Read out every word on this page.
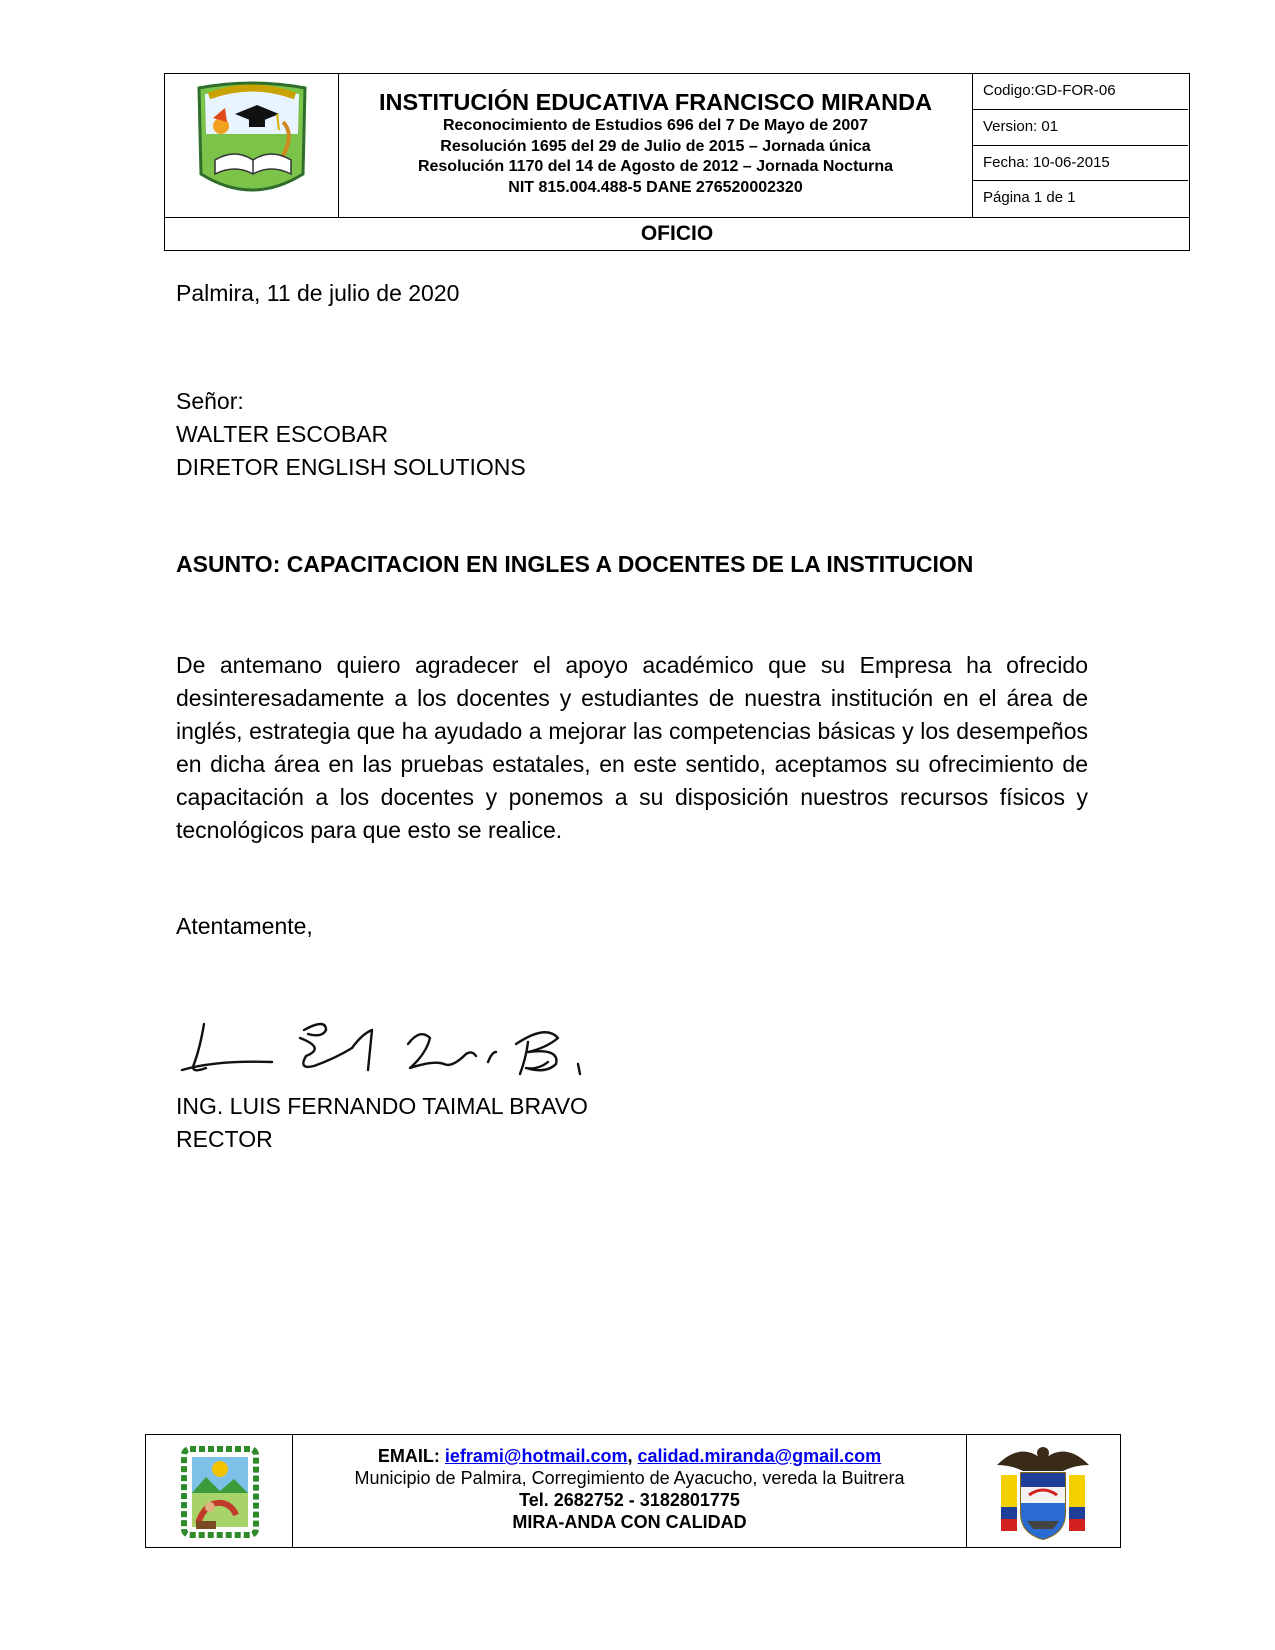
INSTITUCIÓN EDUCATIVA FRANCISCO MIRANDA
Reconocimiento de Estudios 696 del 7 De Mayo de 2007
Resolución 1695 del 29 de Julio de 2015 – Jornada única
Resolución 1170 del 14 de Agosto de 2012 – Jornada Nocturna
NIT 815.004.488-5 DANE 276520002320
Codigo:GD-FOR-06
Version: 01
Fecha: 10-06-2015
Página 1 de 1
OFICIO
Palmira, 11 de julio de 2020
Señor:
WALTER ESCOBAR
DIRETOR ENGLISH SOLUTIONS
ASUNTO: CAPACITACION EN INGLES A DOCENTES DE LA INSTITUCION
De antemano quiero agradecer el apoyo académico que su Empresa ha ofrecido desinteresadamente a los docentes y estudiantes de nuestra institución en el área de inglés, estrategia que ha ayudado a mejorar las competencias básicas y los desempeños en dicha área en las pruebas estatales, en este sentido, aceptamos su ofrecimiento de capacitación a los docentes y ponemos a su disposición nuestros recursos físicos y tecnológicos para que esto se realice.
Atentamente,
ING. LUIS FERNANDO TAIMAL BRAVO
RECTOR
EMAIL: ieframi@hotmail.com, calidad.miranda@gmail.com
Municipio de Palmira, Corregimiento de Ayacucho, vereda la Buitrera
Tel. 2682752 - 3182801775
MIRA-ANDA CON CALIDAD
